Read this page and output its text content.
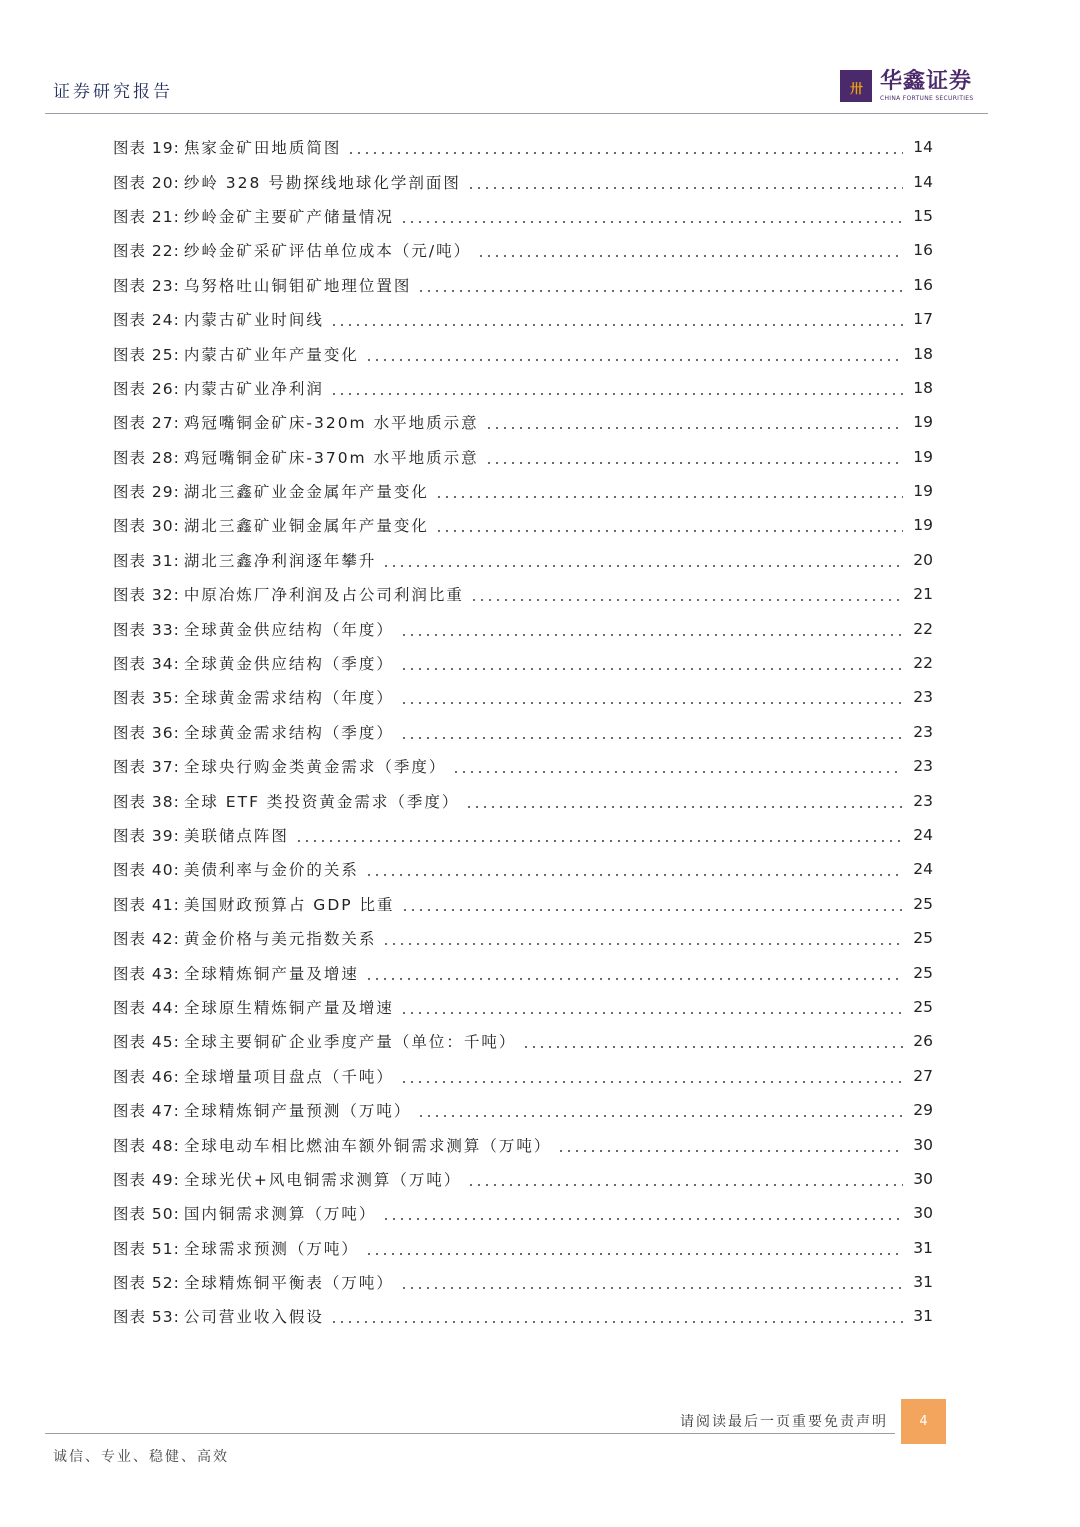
证券研究报告	卅 华鑫证券
CHINA FORTUNE SECURITIES
图表 19: 焦家金矿田地质简图	14
图表 20: 纱岭 328 号勘探线地球化学剖面图	14
图表 21: 纱岭金矿主要矿产储量情况	15
图表 22: 纱岭金矿采矿评估单位成本（元/吨）	16
图表 23: 乌努格吐山铜钼矿地理位置图	16
图表 24: 内蒙古矿业时间线	17
图表 25: 内蒙古矿业年产量变化	18
图表 26: 内蒙古矿业净利润	18
图表 27: 鸡冠嘴铜金矿床-320m 水平地质示意	19
图表 28: 鸡冠嘴铜金矿床-370m 水平地质示意	19
图表 29: 湖北三鑫矿业金金属年产量变化	19
图表 30: 湖北三鑫矿业铜金属年产量变化	19
图表 31: 湖北三鑫净利润逐年攀升	20
图表 32: 中原冶炼厂净利润及占公司利润比重	21
图表 33: 全球黄金供应结构（年度）	22
图表 34: 全球黄金供应结构（季度）	22
图表 35: 全球黄金需求结构（年度）	23
图表 36: 全球黄金需求结构（季度）	23
图表 37: 全球央行购金类黄金需求（季度）	23
图表 38: 全球 ETF 类投资黄金需求（季度）	23
图表 39: 美联储点阵图	24
图表 40: 美债利率与金价的关系	24
图表 41: 美国财政预算占 GDP 比重	25
图表 42: 黄金价格与美元指数关系	25
图表 43: 全球精炼铜产量及增速	25
图表 44: 全球原生精炼铜产量及增速	25
图表 45: 全球主要铜矿企业季度产量（单位：千吨）	26
图表 46: 全球增量项目盘点（千吨）	27
图表 47: 全球精炼铜产量预测（万吨）	29
图表 48: 全球电动车相比燃油车额外铜需求测算（万吨）	30
图表 49: 全球光伏+风电铜需求测算（万吨）	30
图表 50: 国内铜需求测算（万吨）	30
图表 51: 全球需求预测（万吨）	31
图表 52: 全球精炼铜平衡表（万吨）	31
图表 53: 公司营业收入假设	31
请阅读最后一页重要免责声明 4
诚信、专业、稳健、高效
